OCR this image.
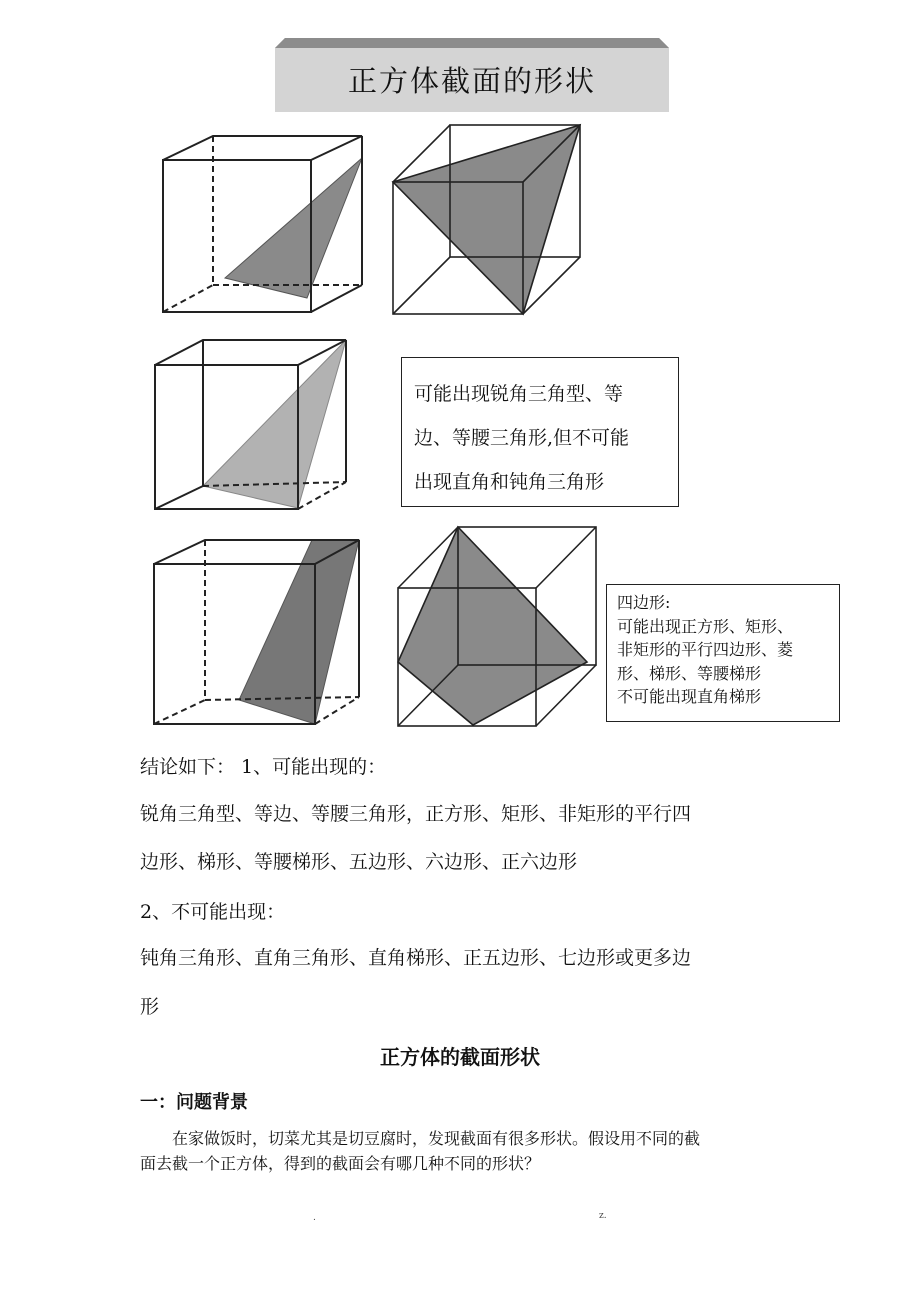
正方体截面的形状
可能出现锐角三角型、等
边、等腰三角形,但不可能
出现直角和钝角三角形
四边形:
可能出现正方形、矩形、
非矩形的平行四边形、菱
形、梯形、等腰梯形
不可能出现直角梯形
结论如下： 1、可能出现的：
锐角三角型、等边、等腰三角形，正方形、矩形、非矩形的平行四
边形、梯形、等腰梯形、五边形、六边形、正六边形
2、不可能出现：
钝角三角形、直角三角形、直角梯形、正五边形、七边形或更多边
形
正方体的截面形状
一：问题背景
　　在家做饭时，切菜尤其是切豆腐时，发现截面有很多形状。假设用不同的截
面去截一个正方体，得到的截面会有哪几种不同的形状？
.	z.
